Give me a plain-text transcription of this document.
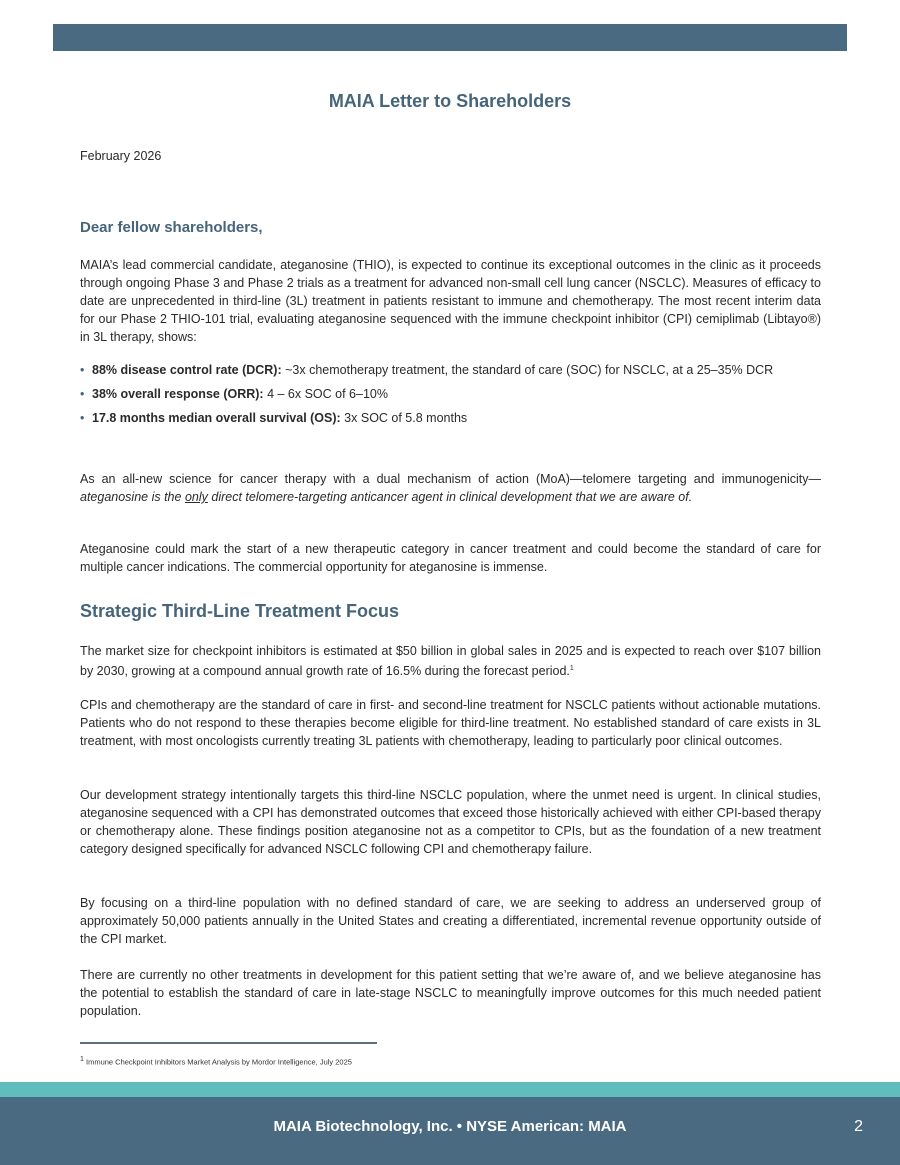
MAIA Letter to Shareholders
February 2026
Dear fellow shareholders,
MAIA’s lead commercial candidate, ateganosine (THIO), is expected to continue its exceptional outcomes in the clinic as it proceeds through ongoing Phase 3 and Phase 2 trials as a treatment for advanced non-small cell lung cancer (NSCLC). Measures of efficacy to date are unprecedented in third-line (3L) treatment in patients resistant to immune and chemotherapy. The most recent interim data for our Phase 2 THIO-101 trial, evaluating ateganosine sequenced with the immune checkpoint inhibitor (CPI) cemiplimab (Libtayo®) in 3L therapy, shows:
• 88% disease control rate (DCR): ~3x chemotherapy treatment, the standard of care (SOC) for NSCLC, at a 25–35% DCR
• 38% overall response (ORR): 4 – 6x SOC of 6–10%
• 17.8 months median overall survival (OS): 3x SOC of 5.8 months
As an all-new science for cancer therapy with a dual mechanism of action (MoA)—telomere targeting and immunogenicity—ateganosine is the only direct telomere-targeting anticancer agent in clinical development that we are aware of.
Ateganosine could mark the start of a new therapeutic category in cancer treatment and could become the standard of care for multiple cancer indications. The commercial opportunity for ateganosine is immense.
Strategic Third-Line Treatment Focus
The market size for checkpoint inhibitors is estimated at $50 billion in global sales in 2025 and is expected to reach over $107 billion by 2030, growing at a compound annual growth rate of 16.5% during the forecast period.$^1$
CPIs and chemotherapy are the standard of care in first- and second-line treatment for NSCLC patients without actionable mutations. Patients who do not respond to these therapies become eligible for third-line treatment. No established standard of care exists in 3L treatment, with most oncologists currently treating 3L patients with chemotherapy, leading to particularly poor clinical outcomes.
Our development strategy intentionally targets this third-line NSCLC population, where the unmet need is urgent. In clinical studies, ateganosine sequenced with a CPI has demonstrated outcomes that exceed those historically achieved with either CPI-based therapy or chemotherapy alone. These findings position ateganosine not as a competitor to CPIs, but as the foundation of a new treatment category designed specifically for advanced NSCLC following CPI and chemotherapy failure.
By focusing on a third-line population with no defined standard of care, we are seeking to address an underserved group of approximately 50,000 patients annually in the United States and creating a differentiated, incremental revenue opportunity outside of the CPI market.
There are currently no other treatments in development for this patient setting that we’re aware of, and we believe ateganosine has the potential to establish the standard of care in late-stage NSCLC to meaningfully improve outcomes for this much needed patient population.
$^1$ Immune Checkpoint Inhibitors Market Analysis by Mordor Intelligence, July 2025
MAIA Biotechnology, Inc. • NYSE American: MAIA	2
